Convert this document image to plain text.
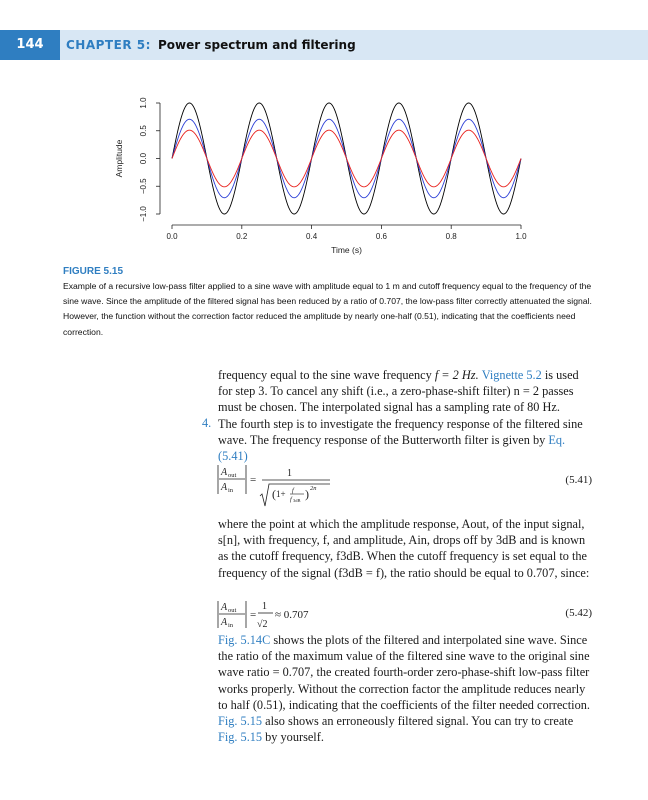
144	CHAPTER 5: Power spectrum and filtering
0.0	0.2	0.4	0.6	0.8	1.0
−1.0
−0.5
0.0
0.5
1.0
Time (s)
Amplitude
FIGURE 5.15
Example of a recursive low-pass filter applied to a sine wave with amplitude equal to 1 m and cutoff frequency equal to the frequency of the sine wave. Since the amplitude of the filtered signal has been reduced by a ratio of 0.707, the low-pass filter correctly attenuated the signal. However, the function without the correction factor reduced the amplitude by nearly one-half (0.51), indicating that the coefficients need correction.
frequency equal to the sine wave frequency f = 2 Hz. Vignette 5.2 is used for step 3. To cancel any shift (i.e., a zero-phase-shift filter) n = 2 passes must be chosen. The interpolated signal has a sampling rate of 80 Hz.
4. The fourth step is to investigate the frequency response of the filtered sine wave. The frequency response of the Butterworth filter is given by Eq. (5.41)
A out
A in
=
1
( 1+ f
f 3dB ) 2n
(5.41)
where the point at which the amplitude response, Aout, of the input signal, s[n], with frequency, f, and amplitude, Ain, drops off by 3dB and is known as the cutoff frequency, f3dB. When the cutoff frequency is set equal to the frequency of the signal (f3dB = f), the ratio should be equal to 0.707, since:
A out
A in
=
1
√2
≈ 0.707	(5.42)
Fig. 5.14C shows the plots of the filtered and interpolated sine wave. Since the ratio of the maximum value of the filtered sine wave to the original sine wave ratio = 0.707, the created fourth-order zero-phase-shift low-pass filter works properly. Without the correction factor the amplitude reduces nearly to half (0.51), indicating that the coefficients of the filter needed correction. Fig. 5.15 also shows an erroneously filtered signal. You can try to create Fig. 5.15 by yourself.
